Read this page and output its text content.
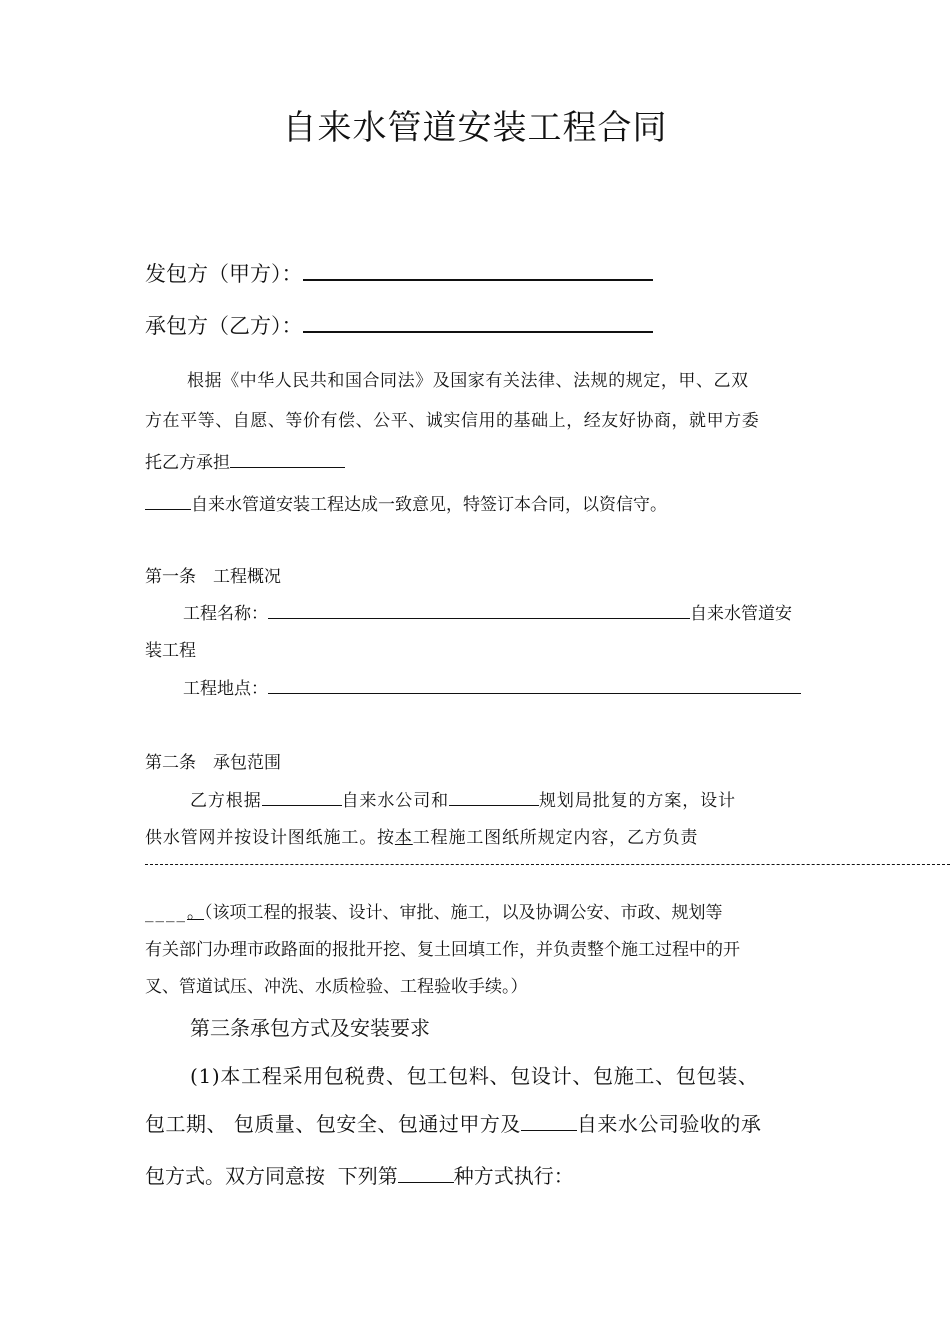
自来水管道安装工程合同
发包方（甲方）：
承包方（乙方）：
根据《中华人民共和国合同法》及国家有关法律、法规的规定，甲、乙双
方在平等、自愿、等价有偿、公平、诚实信用的基础上，经友好协商，就甲方委
托乙方承担
自来水管道安装工程达成一致意见，特签订本合同，以资信守。
第一条　工程概况
工程名称：	自来水管道安
装工程
工程地点：
第二条　承包范围
乙方根据	自来水公司和	规划局批复的方案，设计
供水管网并按设计图纸施工。按本工程施工图纸所规定内容，乙方负责
____。（该项工程的报装、设计、审批、施工，以及协调公安、市政、规划等
有关部门办理市政路面的报批开挖、复土回填工作，并负责整个施工过程中的开
叉、管道试压、冲洗、水质检验、工程验收手续。）
第三条承包方式及安装要求
(1)本工程采用包税费、包工包料、包设计、包施工、包包装、
包工期、 包质量、包安全、包通过甲方及	自来水公司验收的承
包方式。双方同意按  下列第	种方式执行：
